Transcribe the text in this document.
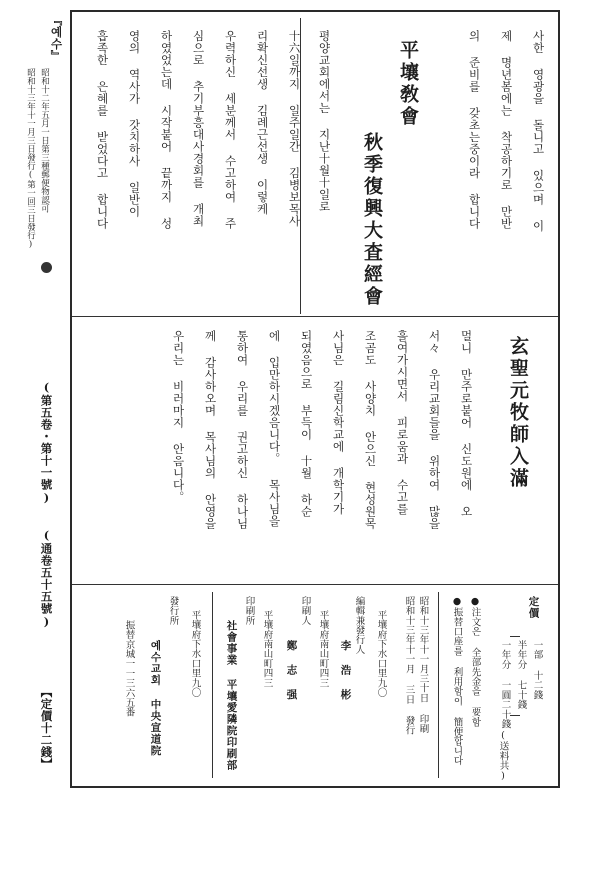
사한 영광을 돌니고 있으며 이
제 명년봄에는 착공하기로 만반
의 준비를 갖초는중이라 합니다
平壤敎會
秋季復興大査經會
평양교회에서는 지난十월十일로
十六일까지 일주일간 김병보목사
리확신선생 김례근선생 이렇케
우력하신 세분께서 수고하여 주
심으로 추기부흥대사경회를 개최
하였었는데 시작붙어 끝까지 성
영의 역사가 갓치하사 일반이
흡족한 은혜를 받었다고 합니다
玄聖元牧師入滿
멀니 만주로붙어 신도원에 오
서々 우리교회들을 위하여 많을
흘여가시면서 피로움과 수고를
조곰도 사양치 안으신 현성원목
사님은 길림신학교에 개학기가
되였음으로 부득이 十월 하순
에 입만하시겠음니다。 목사님을
통하여 우리를 권고하신 하나님
께 감사하오며 목사님의 안영을
우리는 비러마지 안음니다。
定價
一部 十二錢
半年分 七十錢
一年分 一圓二十錢
(送料共)
●注文은 全部先金을 要함
●振替口座를 利用함이 簡便합니다
昭和十三年十一月三十日 印刷
昭和十三年十一月 三日 發行
平壤府下水口里九〇
編輯兼發行人
李 浩 彬
平壤府南山町四三
印刷人
鄭 志 强
平壤府南山町四三
印刷所
社會事業 平壤愛隣院印刷部
平壤府下水口里九〇
發行所
예수교회 中央宣道院
振替京城一一三六五番
『예수』
昭和十二年五月一日第三種郵便物認可
昭和十三年十一月三日發行(第一回三日發行)
(第五卷・第十一號)
(通卷五十五號)
【定價十二錢】
